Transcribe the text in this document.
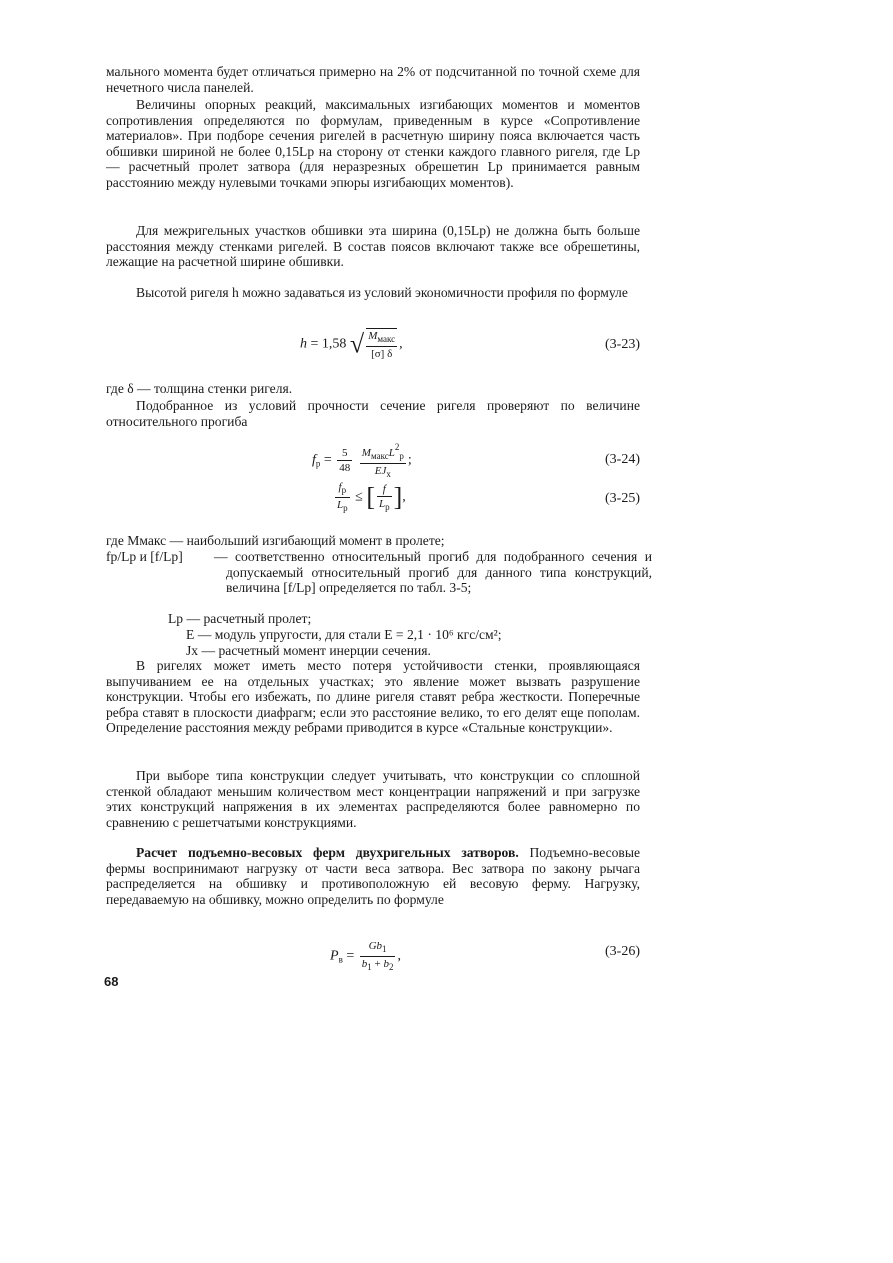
мального момента будет отличаться примерно на 2% от подсчитанной по точной схеме для нечетного числа панелей.
Величины опорных реакций, максимальных изгибающих моментов и моментов сопротивления определяются по формулам, приведенным в курсе «Сопротивление материалов». При подборе сечения ригелей в расчетную ширину пояса включается часть обшивки шириной не более 0,15Lр на сторону от стенки каждого главного ригеля, где Lр — расчетный пролет затвора (для неразрезных обрешетин Lр принимается равным расстоянию между нулевыми точками эпюры изгибающих моментов).
Для межригельных участков обшивки эта ширина (0,15Lр) не должна быть больше расстояния между стенками ригелей. В состав поясов включают также все обрешетины, лежащие на расчетной ширине обшивки.
Высотой ригеля h можно задаваться из условий экономичности профиля по формуле
h = 1,58 √ $\frac{M_{макс}}{[\sigma] \delta}$ ,	(3-23)
где δ — толщина стенки ригеля.
Подобранное из условий прочности сечение ригеля проверяют по величине относительного прогиба
$f_р = \frac{5}{48}$
$\frac{M_{макс}L^2_р}{EJ_x}$ ;	(3-24)
$\frac{f_р}{L_р}$ ≤ [ $\frac{f}{L_р}$ ],	(3-25)
где Mмакс — наибольший изгибающий момент в пролете;
fр/Lр и [f/Lр] — соответственно относительный прогиб для подобранного сечения и допускаемый относительный прогиб для данного типа конструкций, величина [f/Lр] определяется по табл. 3-5;
Lр — расчетный пролет;
E — модуль упругости, для стали E = 2,1 · 10⁶ кгс/см²;
Jx — расчетный момент инерции сечения.
В ригелях может иметь место потеря устойчивости стенки, проявляющаяся выпучиванием ее на отдельных участках; это явление может вызвать разрушение конструкции. Чтобы его избежать, по длине ригеля ставят ребра жесткости. Поперечные ребра ставят в плоскости диафрагм; если это расстояние велико, то его делят еще пополам. Определение расстояния между ребрами приводится в курсе «Стальные конструкции».
При выборе типа конструкции следует учитывать, что конструкции со сплошной стенкой обладают меньшим количеством мест концентрации напряжений и при загрузке этих конструкций напряжения в их элементах распределяются более равномерно по сравнению с решетчатыми конструкциями.
Расчет подъемно-весовых ферм двухригельных затворов. Подъемно-весовые фермы воспринимают нагрузку от части веса затвора. Вес затвора по закону рычага распределяется на обшивку и противоположную ей весовую ферму. Нагрузку, передаваемую на обшивку, можно определить по формуле
$P_в = \frac{Gb_1}{b_1 + b_2}$ ,	(3-26)
68
